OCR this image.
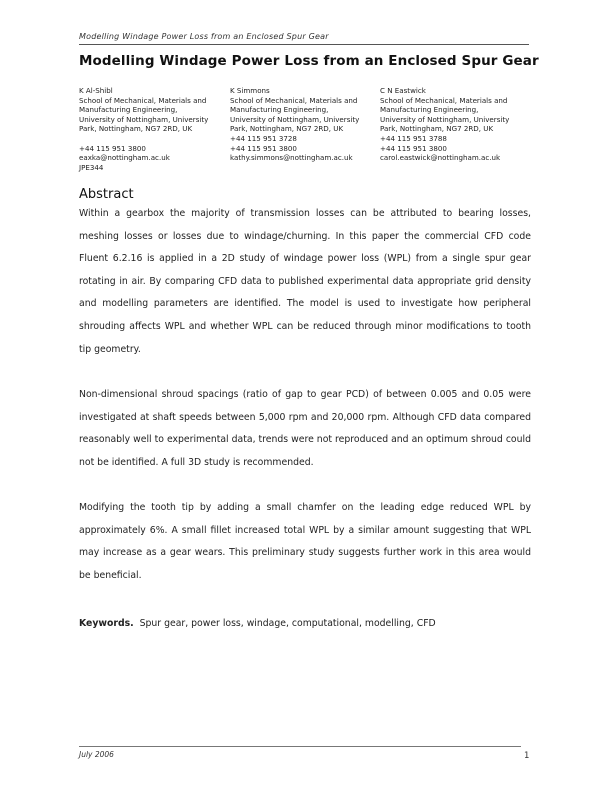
Modelling Windage Power Loss from an Enclosed Spur Gear
Modelling Windage Power Loss from an Enclosed Spur Gear
K Al-Shibl
School of Mechanical, Materials and
Manufacturing Engineering,
University of Nottingham, University
Park, Nottingham, NG7 2RD, UK
+44 115 951 3800
eaxka@nottingham.ac.uk
JPE344
K Simmons
School of Mechanical, Materials and
Manufacturing Engineering,
University of Nottingham, University
Park, Nottingham, NG7 2RD, UK
+44 115 951 3728
+44 115 951 3800
kathy.simmons@nottingham.ac.uk
C N Eastwick
School of Mechanical, Materials and
Manufacturing Engineering,
University of Nottingham, University
Park, Nottingham, NG7 2RD, UK
+44 115 951 3788
+44 115 951 3800
carol.eastwick@nottingham.ac.uk
Abstract

Within a gearbox the majority of transmission losses can be attributed to bearing losses, meshing losses or losses due to windage/churning. In this paper the commercial CFD code Fluent 6.2.16 is applied in a 2D study of windage power loss (WPL) from a single spur gear rotating in air. By comparing CFD data to published experimental data appropriate grid density and modelling parameters are identified. The model is used to investigate how peripheral shrouding affects WPL and whether WPL can be reduced through minor modifications to tooth tip geometry.

Non-dimensional shroud spacings (ratio of gap to gear PCD) of between 0.005 and 0.05 were investigated at shaft speeds between 5,000 rpm and 20,000 rpm. Although CFD data compared reasonably well to experimental data, trends were not reproduced and an optimum shroud could not be identified. A full 3D study is recommended.

Modifying the tooth tip by adding a small chamfer on the leading edge reduced WPL by approximately 6%. A small fillet increased total WPL by a similar amount suggesting that WPL may increase as a gear wears. This preliminary study suggests further work in this area would be beneficial.

Keywords. Spur gear, power loss, windage, computational, modelling, CFD
July 2006	1
